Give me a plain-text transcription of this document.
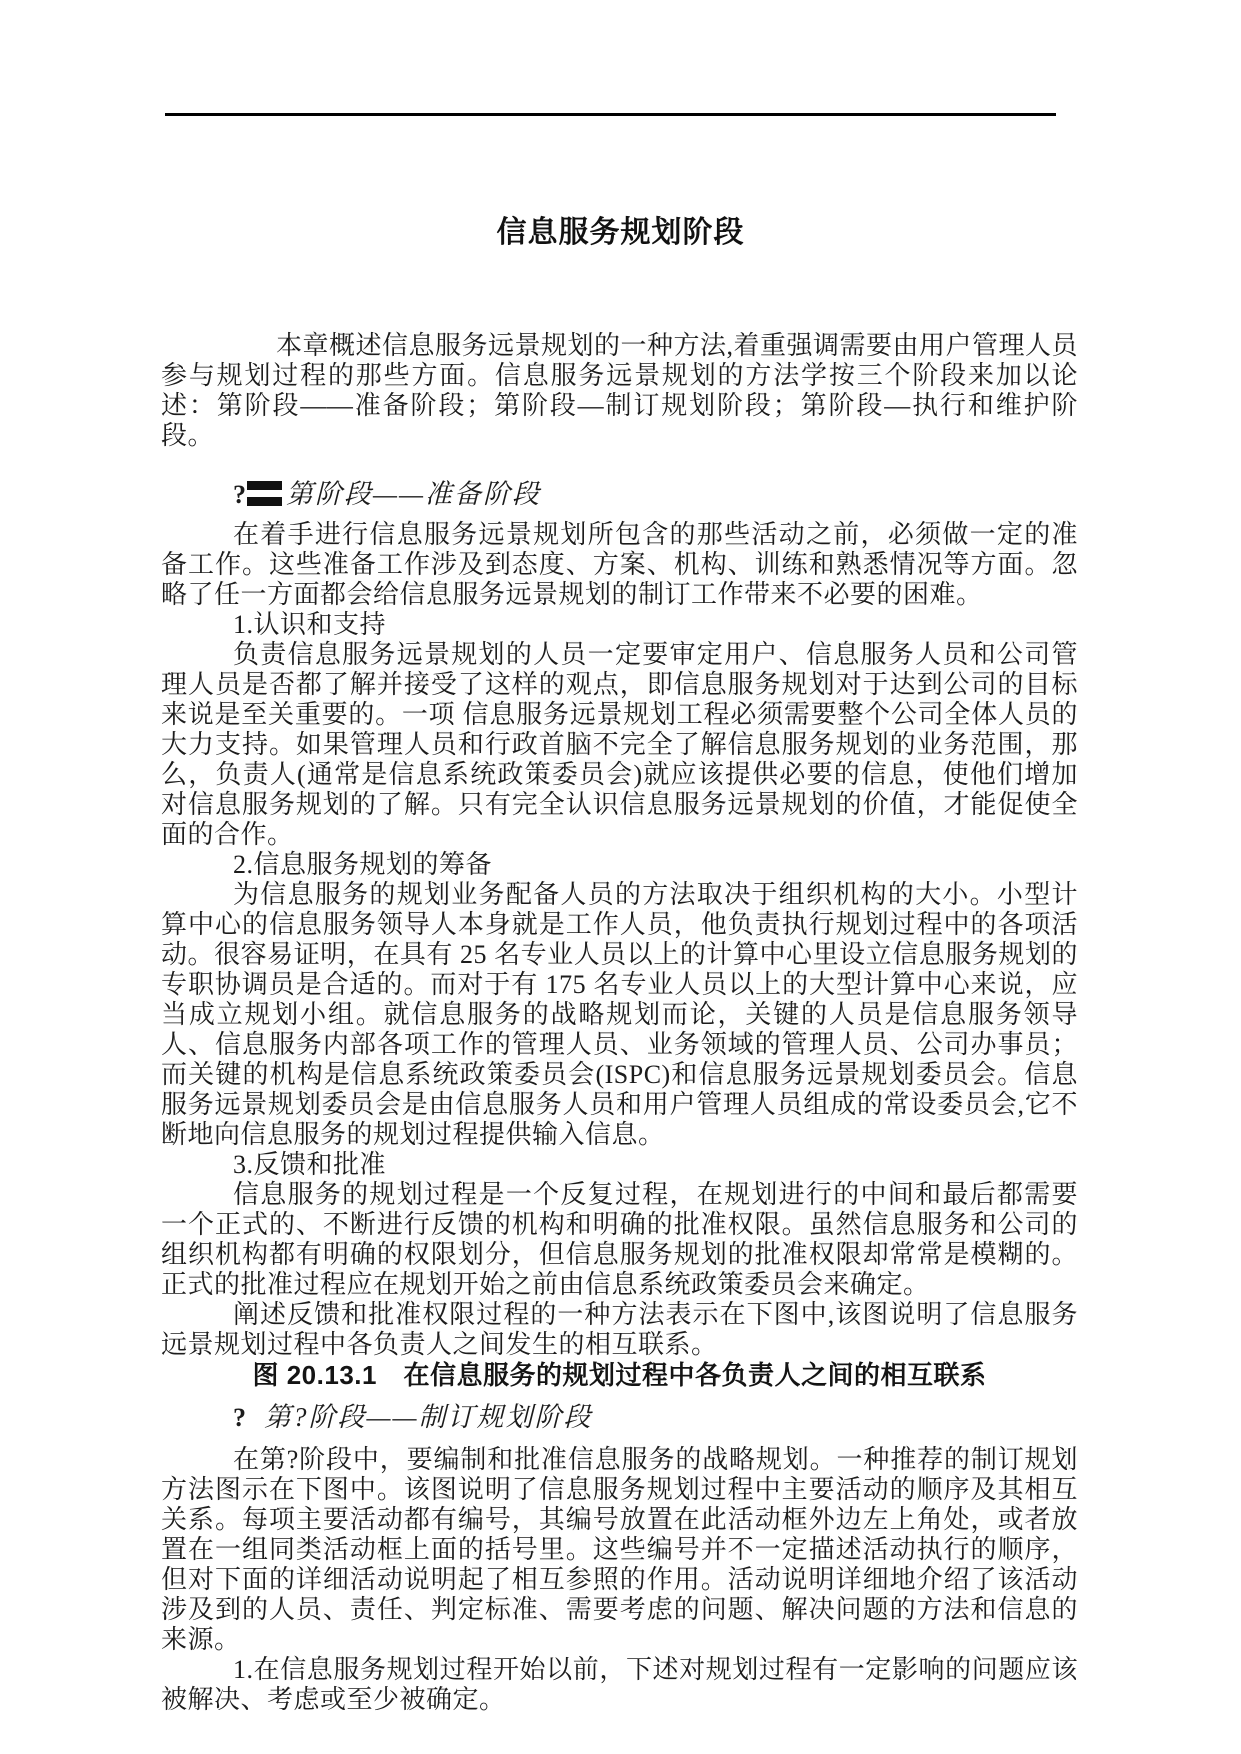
信息服务规划阶段

本章概述信息服务远景规划的一种方法,着重强调需要由用户管理人员参与规划过程的那些方面。信息服务远景规划的方法学按三个阶段来加以论述：第阶段——准备阶段；第阶段—制订规划阶段；第阶段—执行和维护阶段。

? 第阶段——准备阶段

在着手进行信息服务远景规划所包含的那些活动之前，必须做一定的准备工作。这些准备工作涉及到态度、方案、机构、训练和熟悉情况等方面。忽略了任一方面都会给信息服务远景规划的制订工作带来不必要的困难。

1.认识和支持

负责信息服务远景规划的人员一定要审定用户、信息服务人员和公司管理人员是否都了解并接受了这样的观点，即信息服务规划对于达到公司的目标来说是至关重要的。一项 信息服务远景规划工程必须需要整个公司全体人员的大力支持。如果管理人员和行政首脑不完全了解信息服务规划的业务范围，那么，负责人(通常是信息系统政策委员会)就应该提供必要的信息，使他们增加对信息服务规划的了解。只有完全认识信息服务远景规划的价值，才能促使全面的合作。

2.信息服务规划的筹备

为信息服务的规划业务配备人员的方法取决于组织机构的大小。小型计算中心的信息服务领导人本身就是工作人员，他负责执行规划过程中的各项活动。很容易证明，在具有 25 名专业人员以上的计算中心里设立信息服务规划的专职协调员是合适的。而对于有 175 名专业人员以上的大型计算中心来说，应当成立规划小组。就信息服务的战略规划而论，关键的人员是信息服务领导人、信息服务内部各项工作的管理人员、业务领域的管理人员、公司办事员；而关键的机构是信息系统政策委员会(ISPC)和信息服务远景规划委员会。信息服务远景规划委员会是由信息服务人员和用户管理人员组成的常设委员会,它不断地向信息服务的规划过程提供输入信息。

3.反馈和批准

信息服务的规划过程是一个反复过程，在规划进行的中间和最后都需要一个正式的、不断进行反馈的机构和明确的批准权限。虽然信息服务和公司的组织机构都有明确的权限划分，但信息服务规划的批准权限却常常是模糊的。正式的批准过程应在规划开始之前由信息系统政策委员会来确定。

阐述反馈和批准权限过程的一种方法表示在下图中,该图说明了信息服务远景规划过程中各负责人之间发生的相互联系。

图 20.13.1　在信息服务的规划过程中各负责人之间的相互联系

? 第?阶段——制订规划阶段

在第?阶段中，要编制和批准信息服务的战略规划。一种推荐的制订规划方法图示在下图中。该图说明了信息服务规划过程中主要活动的顺序及其相互关系。每项主要活动都有编号，其编号放置在此活动框外边左上角处，或者放置在一组同类活动框上面的括号里。这些编号并不一定描述活动执行的顺序，但对下面的详细活动说明起了相互参照的作用。活动说明详细地介绍了该活动涉及到的人员、责任、判定标准、需要考虑的问题、解决问题的方法和信息的来源。

1.在信息服务规划过程开始以前，下述对规划过程有一定影响的问题应该被解决、考虑或至少被确定。
